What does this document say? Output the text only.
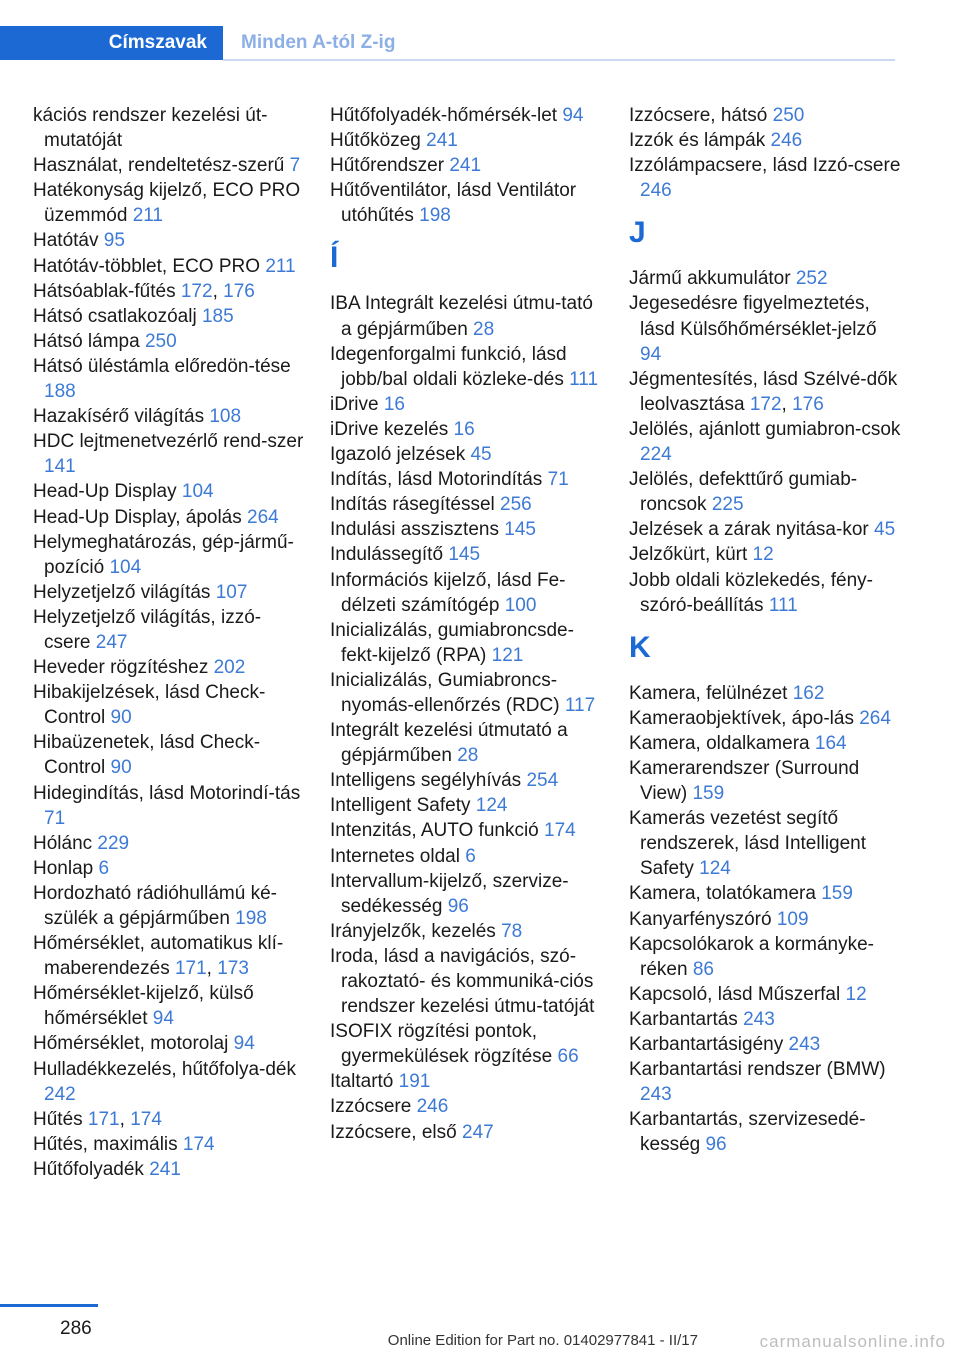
Címszavak Minden A-tól Z-ig
kációs rendszer kezelési út-mutatóját
Használat, rendeltetész-szerű 7
Hatékonyság kijelző, ECO PRO üzemmód 211
Hatótáv 95
Hatótáv-többlet, ECO PRO 211
Hátsóablak-fűtés 172, 176
Hátsó csatlakozóalj 185
Hátsó lámpa 250
Hátsó üléstámla előredön-tése 188
Hazakísérő világítás 108
HDC lejtmenetvezérlő rend-szer 141
Head-Up Display 104
Head-Up Display, ápolás 264
Helymeghatározás, gép-jármű-pozíció 104
Helyzetjelző világítás 107
Helyzetjelző világítás, izzó-csere 247
Heveder rögzítéshez 202
Hibakijelzések, lásd Check-Control 90
Hibaüzenetek, lásd Check-Control 90
Hidegindítás, lásd Motorindí-tás 71
Hólánc 229
Honlap 6
Hordozható rádióhullámú ké-szülék a gépjárműben 198
Hőmérséklet, automatikus klí-maberendezés 171, 173
Hőmérséklet-kijelző, külső hőmérséklet 94
Hőmérséklet, motorolaj 94
Hulladékkezelés, hűtőfolya-dék 242
Hűtés 171, 174
Hűtés, maximális 174
Hűtőfolyadék 241
Hűtőfolyadék-hőmérsék-let 94
Hűtőközeg 241
Hűtőrendszer 241
Hűtőventilátor, lásd Ventilátor utóhűtés 198
Í
IBA Integrált kezelési útmu-tató a gépjárműben 28
Idegenforgalmi funkció, lásd jobb/bal oldali közleke-dés 111
iDrive 16
iDrive kezelés 16
Igazoló jelzések 45
Indítás, lásd Motorindítás 71
Indítás rásegítéssel 256
Indulási asszisztens 145
Indulássegítő 145
Információs kijelző, lásd Fe-délzeti számítógép 100
Inicializálás, gumiabroncsde-fekt-kijelző (RPA) 121
Inicializálás, Gumiabroncs-nyomás-ellenőrzés (RDC) 117
Integrált kezelési útmutató a gépjárműben 28
Intelligens segélyhívás 254
Intelligent Safety 124
Intenzitás, AUTO funkció 174
Internetes oldal 6
Intervallum-kijelző, szervize-sedékesség 96
Irányjelzők, kezelés 78
Iroda, lásd a navigációs, szó-rakoztató- és kommuniká-ciós rendszer kezelési útmu-tatóját
ISOFIX rögzítési pontok, gyermekülések rögzítése 66
Italtartó 191
Izzócsere 246
Izzócsere, első 247
Izzócsere, hátsó 250
Izzók és lámpák 246
Izzólámpacsere, lásd Izzó-csere 246
J
Jármű akkumulátor 252
Jegesedésre figyelmeztetés, lásd Külsőhőmérséklet-jelző 94
Jégmentesítés, lásd Szélvé-dők leolvasztása 172, 176
Jelölés, ajánlott gumiabron-csok 224
Jelölés, defekttűrő gumiab-roncsok 225
Jelzések a zárak nyitása-kor 45
Jelzőkürt, kürt 12
Jobb oldali közlekedés, fény-szóró-beállítás 111
K
Kamera, felülnézet 162
Kameraobjektívek, ápo-lás 264
Kamera, oldalkamera 164
Kamerarendszer (Surround View) 159
Kamerás vezetést segítő rendszerek, lásd Intelligent Safety 124
Kamera, tolatókamera 159
Kanyarfényszóró 109
Kapcsolókarok a kormányke-réken 86
Kapcsoló, lásd Műszerfal 12
Karbantartás 243
Karbantartásigény 243
Karbantartási rendszer (BMW) 243
Karbantartás, szervizesedé-kesség 96
286
Online Edition for Part no. 01402977841 - II/17	carmanualsonline.info
